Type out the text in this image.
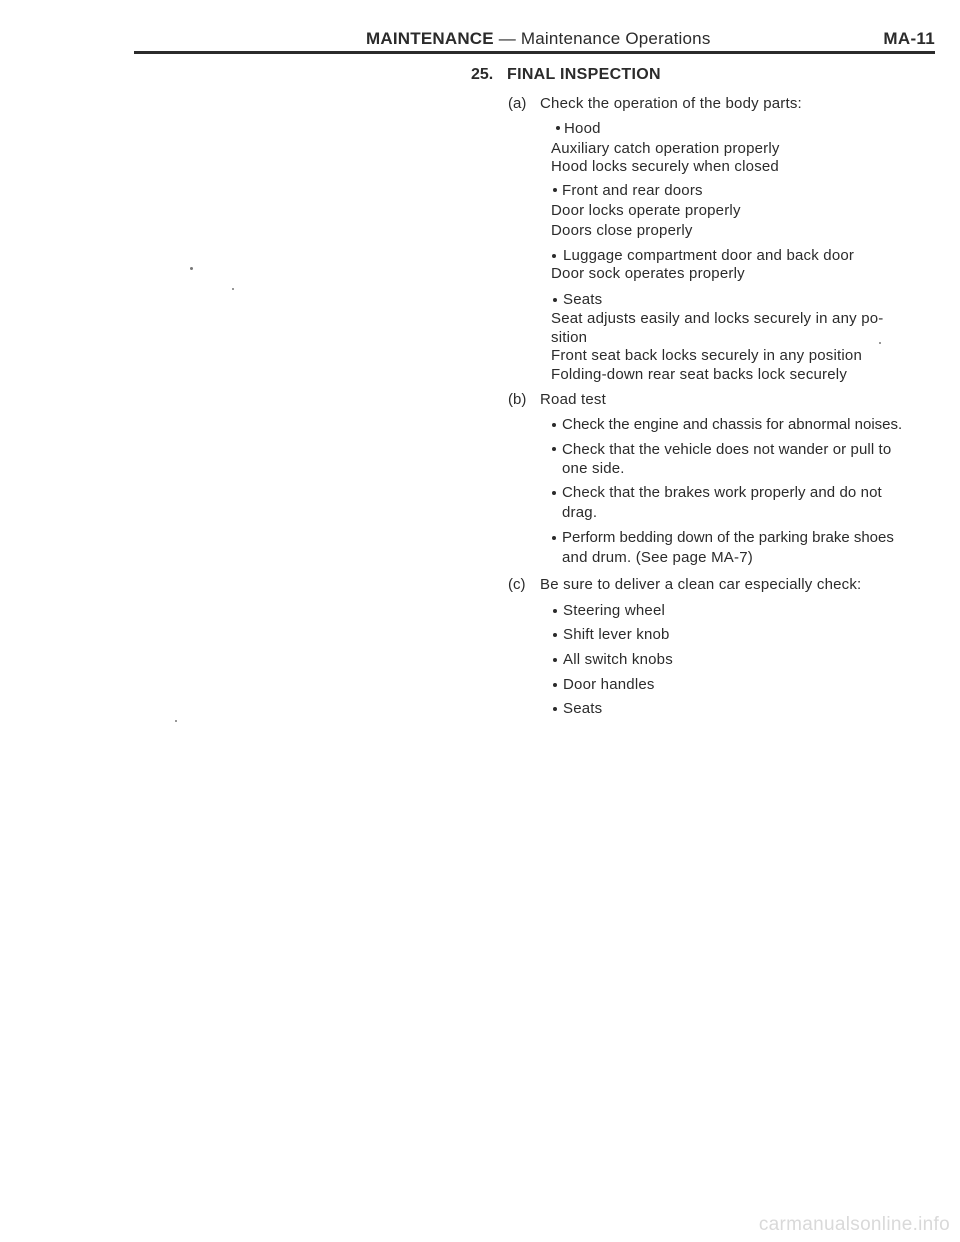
MAINTENANCE — Maintenance Operations	MA-11
25. FINAL INSPECTION
(a) Check the operation of the body parts:
Hood
Auxiliary catch operation properly
Hood locks securely when closed
Front and rear doors
Door locks operate properly
Doors close properly
Luggage compartment door and back door
Door sock operates properly
Seats
Seat adjusts easily and locks securely in any po-
sition
Front seat back locks securely in any position
Folding-down rear seat backs lock securely
(b) Road test
Check the engine and chassis for abnormal noises.
Check that the vehicle does not wander or pull to
one side.
Check that the brakes work properly and do not
drag.
Perform bedding down of the parking brake shoes
and drum. (See page MA-7)
(c) Be sure to deliver a clean car especially check:
Steering wheel
Shift lever knob
All switch knobs
Door handles
Seats
carmanualsonline.info
